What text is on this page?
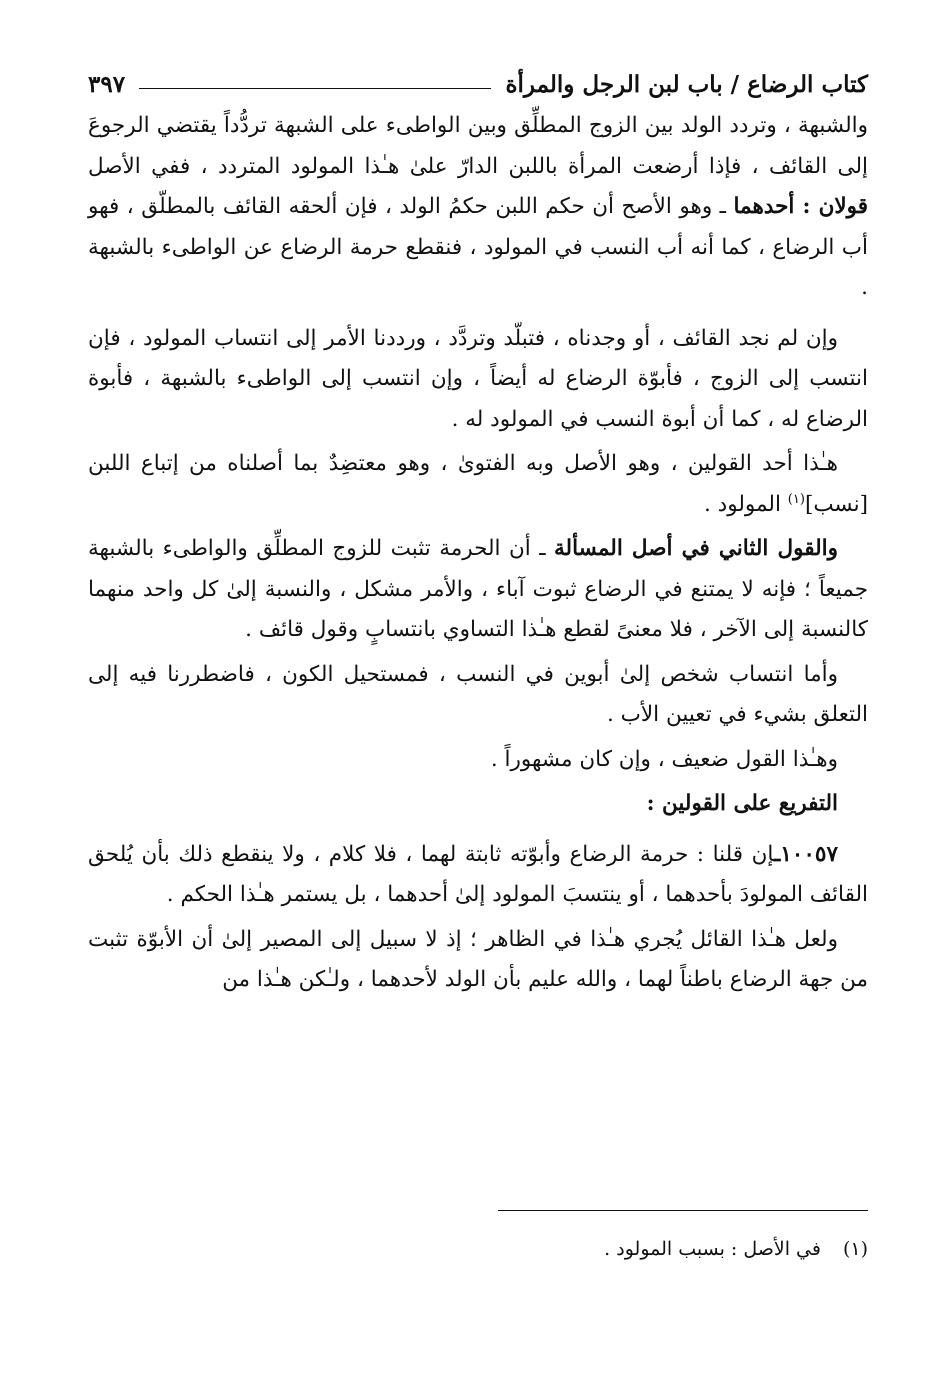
كتاب الرضاع / باب لبن الرجل والمرأة
٣٩٧

والشبهة ، وتردد الولد بين الزوج المطلِّق وبين الواطىء على الشبهة تردُّداً يقتضي الرجوعَ إلى القائف ، فإذا أرضعت المرأة باللبن الدارّ علىٰ هـٰذا المولود المتردد ، ففي الأصل قولان : أحدهما ـ وهو الأصح أن حكم اللبن حكمُ الولد ، فإن ألحقه القائف بالمطلّق ، فهو أب الرضاع ، كما أنه أب النسب في المولود ، فنقطع حرمة الرضاع عن الواطىء بالشبهة .

وإن لم نجد القائف ، أو وجدناه ، فتبلّد وتردَّد ، ورددنا الأمر إلى انتساب المولود ، فإن انتسب إلى الزوج ، فأبوّة الرضاع له أيضاً ، وإن انتسب إلى الواطىء بالشبهة ، فأبوة الرضاع له ، كما أن أبوة النسب في المولود له .

هـٰذا أحد القولين ، وهو الأصل وبه الفتوىٰ ، وهو معتضِدٌ بما أصلناه من إتباع اللبن [نسب]$^{(١)}$ المولود .

والقول الثاني في أصل المسألة ـ أن الحرمة تثبت للزوج المطلِّق والواطىء بالشبهة جميعاً ؛ فإنه لا يمتنع في الرضاع ثبوت آباء ، والأمر مشكل ، والنسبة إلىٰ كل واحد منهما كالنسبة إلى الآخر ، فلا معنىً لقطع هـٰذا التساوي بانتسابٍ وقول قائف .

وأما انتساب شخص إلىٰ أبوين في النسب ، فمستحيل الكون ، فاضطررنا فيه إلى التعلق بشيء في تعيين الأب .

وهـٰذا القول ضعيف ، وإن كان مشهوراً .

التفريع على القولين :

١٠٠٥٧ـإن قلنا : حرمة الرضاع وأبوّته ثابتة لهما ، فلا كلام ، ولا ينقطع ذلك بأن يُلحق القائف المولودَ بأحدهما ، أو ينتسبَ المولود إلىٰ أحدهما ، بل يستمر هـٰذا الحكم .

ولعل هـٰذا القائل يُجري هـٰذا في الظاهر ؛ إذ لا سبيل إلى المصير إلىٰ أن الأبوّة تثبت من جهة الرضاع باطناً لهما ، والله عليم بأن الولد لأحدهما ، ولـٰكن هـٰذا من

(١)في الأصل : بسبب المولود .
